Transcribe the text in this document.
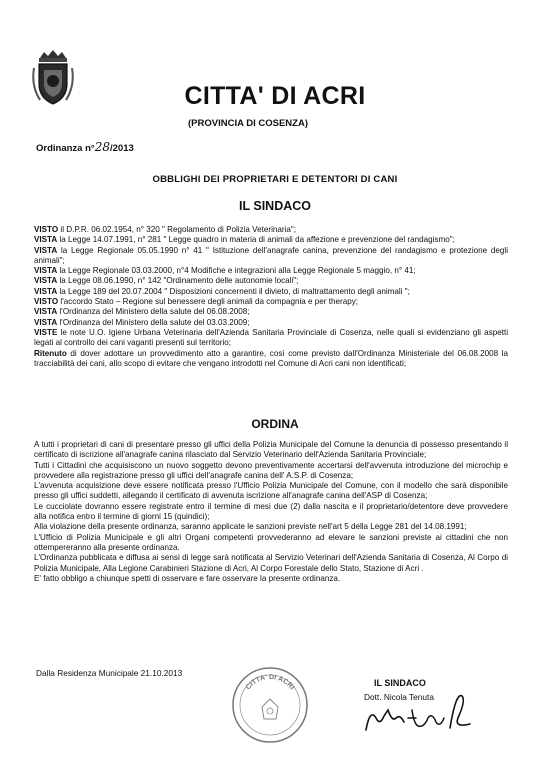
CITTA' DI ACRI
(PROVINCIA DI COSENZA)
Ordinanza n°28/2013
OBBLIGHI DEI PROPRIETARI E DETENTORI DI CANI
IL SINDACO

VISTO il D.P.R. 06.02.1954, n° 320 " Regolamento di Polizia Veterinaria";

VISTA la Legge 14.07.1991, n° 281 " Legge quadro in materia di animali da affezione e prevenzione del randagismo";

VISTA la Legge Regionale 05.05.1990 n° 41 " Istituzione dell'anagrafe canina, prevenzione del randagismo e protezione degli animali";

VISTA la Legge Regionale 03.03.2000, n°4 Modifiche e integrazioni alla Legge Regionale 5 maggio, n° 41;

VISTA la Legge 08.06.1990, n° 142 "Ordinamento delle autonomie locali";

VISTA la Legge 189 del 20.07.2004 " Disposizioni concernenti il divieto, di maltrattamento degli animali ";

VISTO l'accordo Stato – Regione sul benessere degli animali da compagnia e per therapy;

VISTA l'Ordinanza del Ministero della salute del 06.08.2008;

VISTA l'Ordinanza del Ministero della salute del 03.03.2009;

VISTE le note U.O. Igiene Urbana Veterinaria dell'Azienda Sanitaria Provinciale di Cosenza, nelle quali si evidenziano gli aspetti legati al controllo dei cani vaganti presenti sul territorio;

Ritenuto di dover adottare un provvedimento atto a garantire, così come previsto dall'Ordinanza Ministeriale del 06.08.2008 la tracciabilità dei cani, allo scopo di evitare che vengano introdotti nel Comune di Acri cani non identificati;

ORDINA

A tutti i proprietari di cani di presentare presso gli uffici della Polizia Municipale del Comune la denuncia di possesso presentando il certificato di iscrizione all'anagrafe canina rilasciato dal Servizio Veterinario dell'Azienda Sanitaria Provinciale;

Tutti i Cittadini che acquisiscono un nuovo soggetto devono preventivamente accertarsi dell'avvenuta introduzione del microchip e provvedere alla registrazione presso gli uffici dell'anagrafe canina dell' A.S.P. di Cosenza;

L'avvenuta acquisizione deve essere notificata presso l'Ufficio Polizia Municipale del Comune, con il modello che sarà disponibile presso gli uffici suddetti, allegando il certificato di avvenuta iscrizione all'anagrafe canina dell'ASP di Cosenza;

Le cucciolate dovranno essere registrate entro il termine di mesi due (2) dalla nascita e il proprietario/detentore deve provvedere alla notifica entro il termine di giorni 15 (quindici);

Alla violazione della presente ordinanza, saranno applicate le sanzioni previste nell'art 5 della Legge 281 del 14.08.1991;

L'Ufficio di Polizia Municipale e gli altri Organi competenti provvederanno ad elevare le sanzioni previste ai cittadini che non ottempereranno alla presente ordinanza.

L'Ordinanza pubblicata e diffusa ai sensi di legge sarà notificata al Servizio Veterinari dell'Azienda Sanitaria di Cosenza, Al Corpo di Polizia Municipale, Alla Legione Carabinieri Stazione di Acri, Al Corpo Forestale dello Stato, Stazione di Acri .

E' fatto obbligo a chiunque spetti di osservare e fare osservare la presente ordinanza.

Dalla Residenza Municipale 21.10.2013
CITTA' DI ACRI
IL SINDACO
Dott. Nicola Tenuta
